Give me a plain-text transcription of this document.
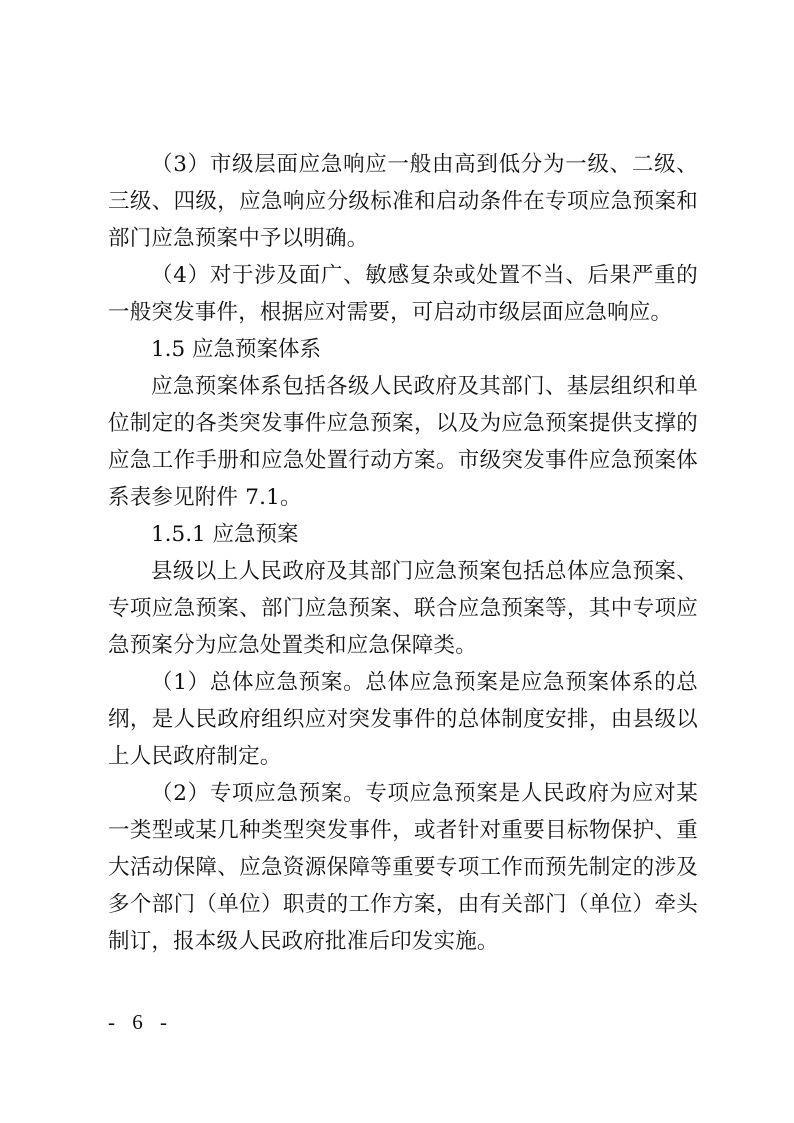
（3）市级层面应急响应一般由高到低分为一级、二级、三级、四级，应急响应分级标准和启动条件在专项应急预案和部门应急预案中予以明确。

（4）对于涉及面广、敏感复杂或处置不当、后果严重的一般突发事件，根据应对需要，可启动市级层面应急响应。

1.5 应急预案体系

应急预案体系包括各级人民政府及其部门、基层组织和单位制定的各类突发事件应急预案，以及为应急预案提供支撑的应急工作手册和应急处置行动方案。市级突发事件应急预案体系表参见附件 7.1。

1.5.1 应急预案

县级以上人民政府及其部门应急预案包括总体应急预案、专项应急预案、部门应急预案、联合应急预案等，其中专项应急预案分为应急处置类和应急保障类。

（1）总体应急预案。总体应急预案是应急预案体系的总纲，是人民政府组织应对突发事件的总体制度安排，由县级以上人民政府制定。

（2）专项应急预案。专项应急预案是人民政府为应对某一类型或某几种类型突发事件，或者针对重要目标物保护、重大活动保障、应急资源保障等重要专项工作而预先制定的涉及多个部门（单位）职责的工作方案，由有关部门（单位）牵头制订，报本级人民政府批准后印发实施。

- 6 -
